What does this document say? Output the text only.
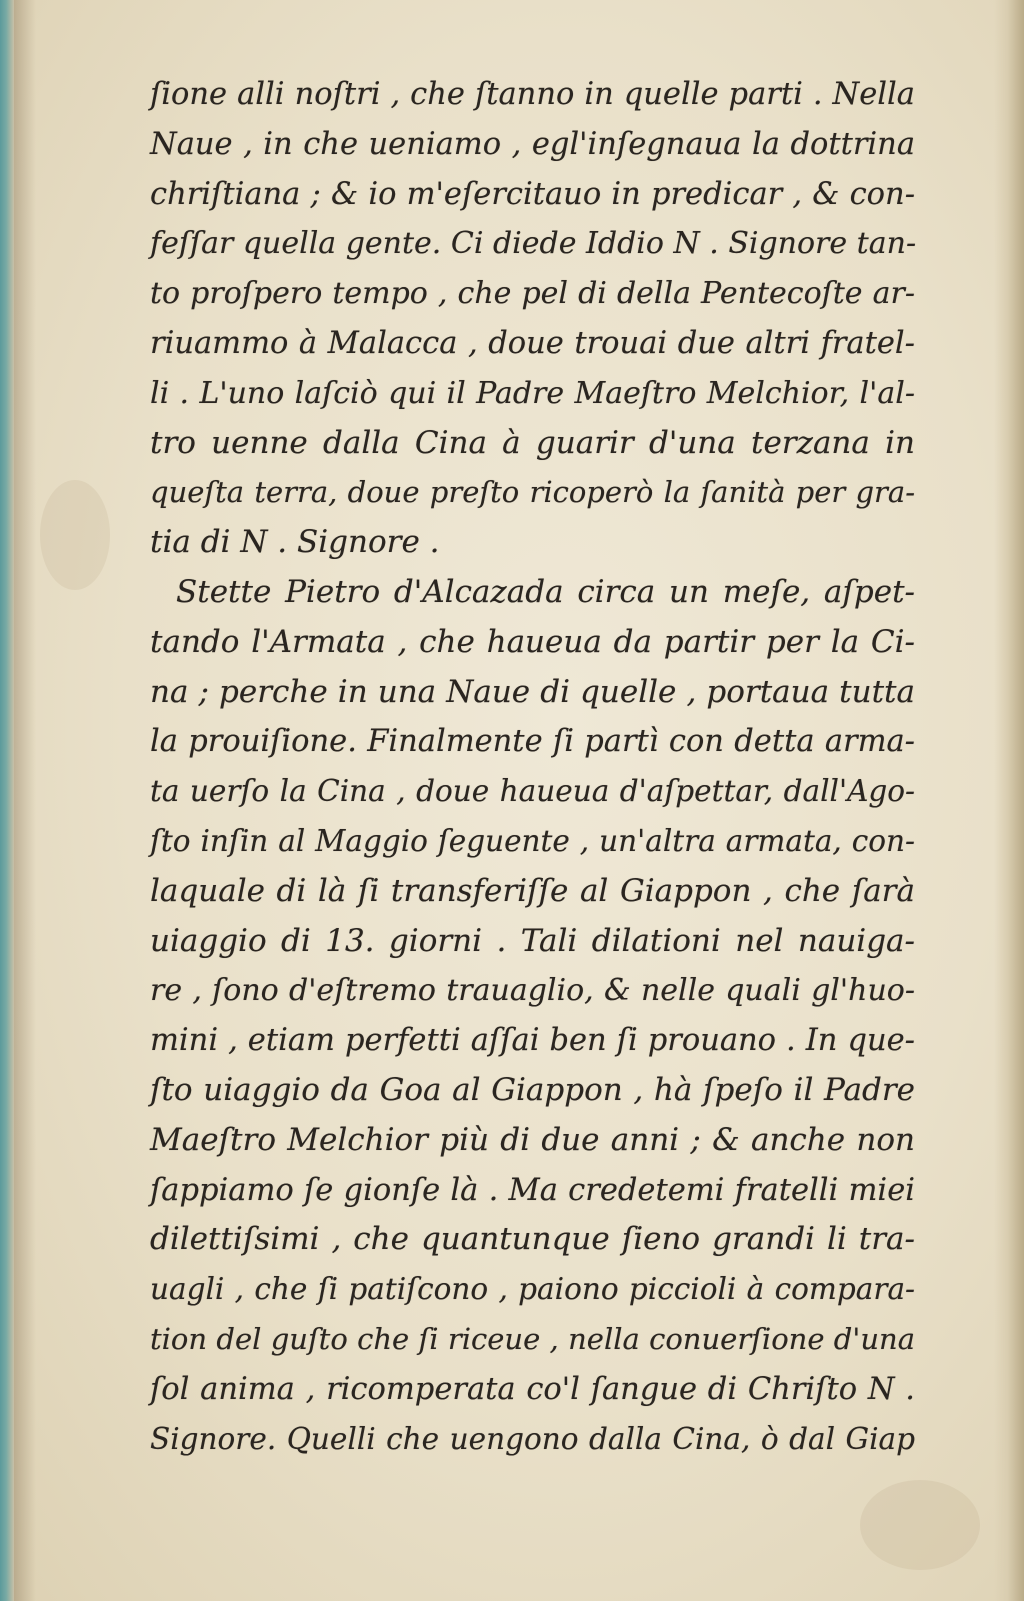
ſione alli noſtri , che ſtanno in quelle parti . Nella
Naue , in che ueniamo , egl'inſegnaua la dottrina
chriſtiana ; & io m'eſercitauo in predicar , & con-
feſſar quella gente. Ci diede Iddio N . Signore tan-
to proſpero tempo , che pel di della Pentecoſte ar-
riuammo à Malacca , doue trouai due altri fratel-
li . L'uno laſciò qui il Padre Maeſtro Melchior, l'al-
tro uenne dalla Cina à guarir d'una terzana in
queſta terra, doue preſto ricoperò la ſanità per gra-
tia di N . Signore .
Stette Pietro d'Alcazada circa un meſe, aſpet-
tando l'Armata , che haueua da partir per la Ci-
na ; perche in una Naue di quelle , portaua tutta
la prouiſione. Finalmente ſi partì con detta arma-
ta uerſo la Cina , doue haueua d'aſpettar, dall'Ago-
ſto inſin al Maggio ſeguente , un'altra armata, con-
laquale di là ſi transferiſſe al Giappon , che ſarà
uiaggio di 13. giorni . Tali dilationi nel nauiga-
re , ſono d'eſtremo trauaglio, & nelle quali gl'huo-
mini , etiam perfetti aſſai ben ſi prouano . In que-
ſto uiaggio da Goa al Giappon , hà ſpeſo il Padre
Maeſtro Melchior più di due anni ; & anche non
ſappiamo ſe gionſe là . Ma credetemi fratelli miei
dilettiſsimi , che quantunque ſieno grandi li tra-
uagli , che ſi patiſcono , paiono piccioli à compara-
tion del guſto che ſi riceue , nella conuerſione d'una
ſol anima , ricomperata co'l ſangue di Chriſto N .
Signore. Quelli che uengono dalla Cina, ò dal Giap
